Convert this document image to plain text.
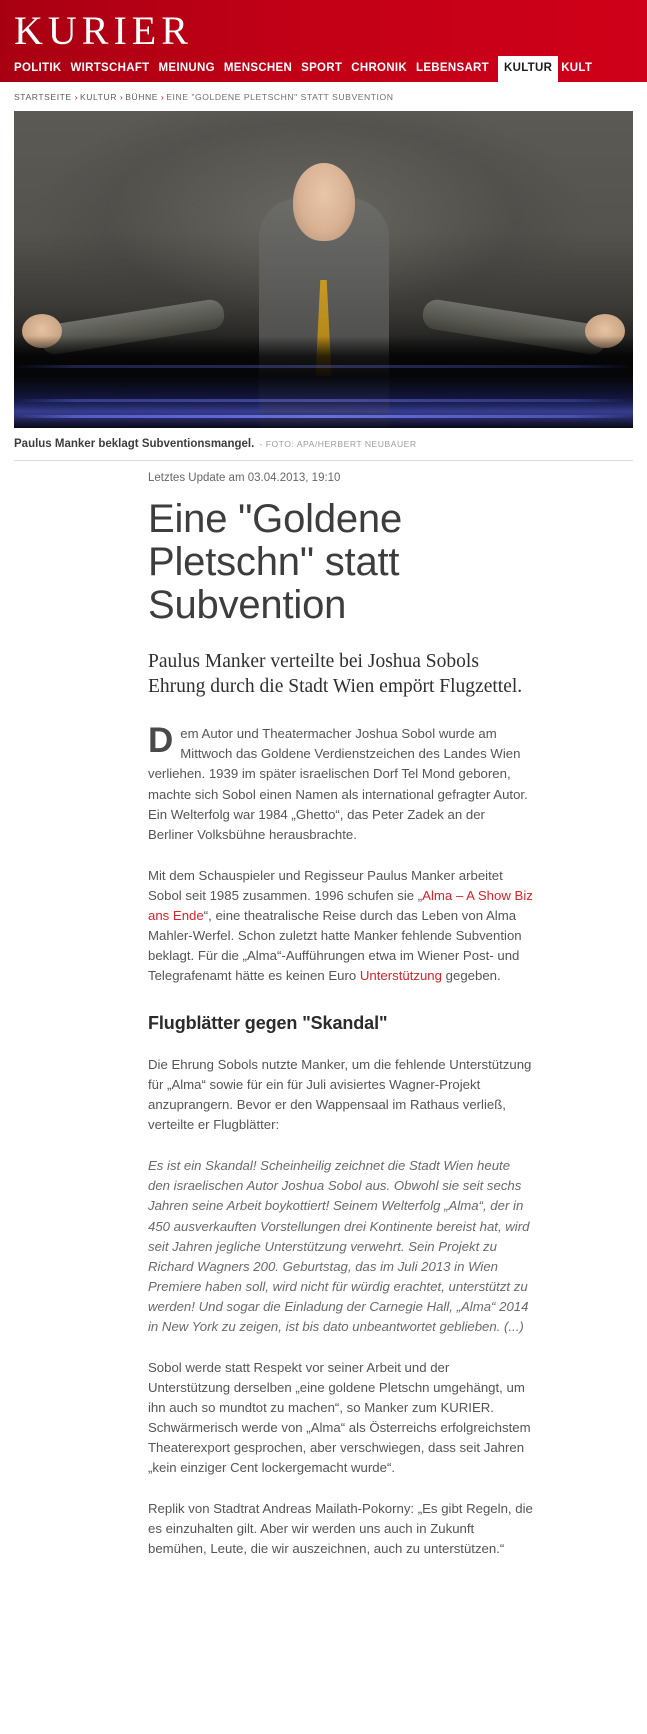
KURIER
POLITIK WIRTSCHAFT MEINUNG MENSCHEN SPORT CHRONIK LEBENSART	KULTUR KULT
STARTSEITE › KULTUR › BÜHNE › EINE "GOLDENE PLETSCHN" STATT SUBVENTION
Paulus Manker beklagt Subventionsmangel. - FOTO: APA/HERBERT NEUBAUER
Letztes Update am 03.04.2013, 19:10
Eine "Goldene Pletschn" statt Subvention

Paulus Manker verteilte bei Joshua Sobols Ehrung durch die Stadt Wien empört Flugzettel.

Dem Autor und Theatermacher Joshua Sobol wurde am Mittwoch das Goldene Verdienstzeichen des Landes Wien verliehen. 1939 im später israelischen Dorf Tel Mond geboren, machte sich Sobol einen Namen als international gefragter Autor. Ein Welterfolg war 1984 „Ghetto“, das Peter Zadek an der Berliner Volksbühne herausbrachte.

Mit dem Schauspieler und Regisseur Paulus Manker arbeitet Sobol seit 1985 zusammen. 1996 schufen sie „Alma – A Show Biz ans Ende“, eine theatralische Reise durch das Leben von Alma Mahler-Werfel. Schon zuletzt hatte Manker fehlende Subvention beklagt. Für die „Alma“-Aufführungen etwa im Wiener Post- und Telegrafenamt hätte es keinen Euro Unterstützung gegeben.

Flugblätter gegen "Skandal"

Die Ehrung Sobols nutzte Manker, um die fehlende Unterstützung für „Alma“ sowie für ein für Juli avisiertes Wagner-Projekt anzuprangern. Bevor er den Wappensaal im Rathaus verließ, verteilte er Flugblätter:

Es ist ein Skandal! Scheinheilig zeichnet die Stadt Wien heute den israelischen Autor Joshua Sobol aus. Obwohl sie seit sechs Jahren seine Arbeit boykottiert! Seinem Welterfolg „Alma“, der in 450 ausverkauften Vorstellungen drei Kontinente bereist hat, wird seit Jahren jegliche Unterstützung verwehrt. Sein Projekt zu Richard Wagners 200. Geburtstag, das im Juli 2013 in Wien Premiere haben soll, wird nicht für würdig erachtet, unterstützt zu werden! Und sogar die Einladung der Carnegie Hall, „Alma“ 2014 in New York zu zeigen, ist bis dato unbeantwortet geblieben. (...)

Sobol werde statt Respekt vor seiner Arbeit und der Unterstützung derselben „eine goldene Pletschn umgehängt, um ihn auch so mundtot zu machen“, so Manker zum KURIER. Schwärmerisch werde von „Alma“ als Österreichs erfolgreichstem Theaterexport gesprochen, aber verschwiegen, dass seit Jahren „kein einziger Cent lockergemacht wurde“.

Replik von Stadtrat Andreas Mailath-Pokorny: „Es gibt Regeln, die es einzuhalten gilt. Aber wir werden uns auch in Zukunft bemühen, Leute, die wir auszeichnen, auch zu unterstützen.“
